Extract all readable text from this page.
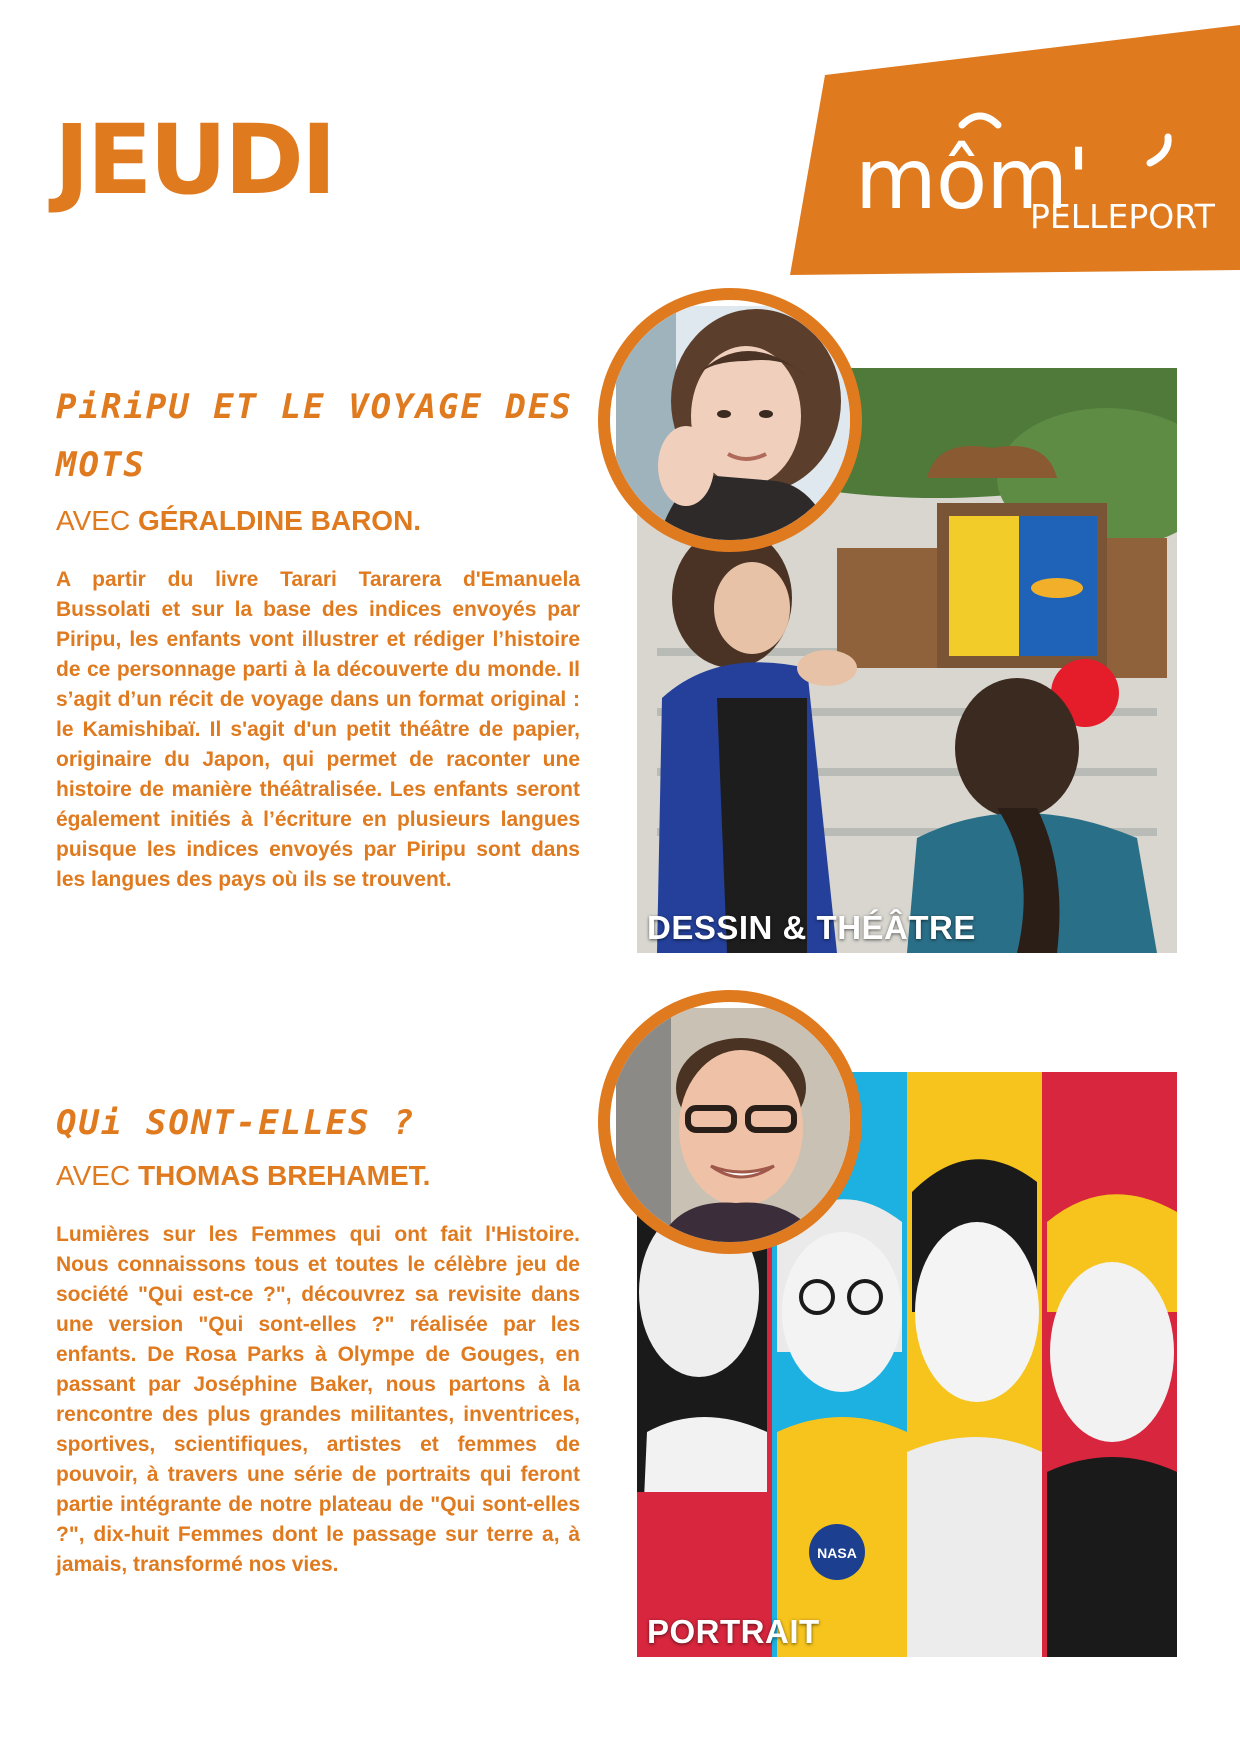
JEUDI	môm'
PELLEPORT
PiRiPU ET LE VOYAGE DES MOTS

AVEC GÉRALDINE BARON.

A partir du livre Tarari Tararera d'Emanuela Bussolati et sur la base des indices envoyés par Piripu, les enfants vont illustrer et rédiger l’histoire de ce personnage parti à la découverte du monde. Il s’agit d’un récit de voyage dans un format original : le Kamishibaï. Il s'agit d'un petit théâtre de papier, originaire du Japon, qui permet de raconter une histoire de manière théâtralisée. Les enfants seront également initiés à l’écriture en plusieurs langues puisque les indices envoyés par Piripu sont dans les langues des pays où ils se trouvent.

DESSIN & THÉÂTRE
QUi SONT-ELLES ?

AVEC THOMAS BREHAMET.

Lumières sur les Femmes qui ont fait l'Histoire. Nous connaissons tous et toutes le célèbre jeu de société "Qui est-ce ?", découvrez sa revisite dans une version "Qui sont-elles ?" réalisée par les enfants. De Rosa Parks à Olympe de Gouges, en passant par Joséphine Baker, nous partons à la rencontre des plus grandes militantes, inventrices, sportives, scientifiques, artistes et femmes de pouvoir, à travers une série de portraits qui feront partie intégrante de notre plateau de "Qui sont-elles ?", dix-huit Femmes dont le passage sur terre a, à jamais, transformé nos vies.	NASA
PORTRAIT
